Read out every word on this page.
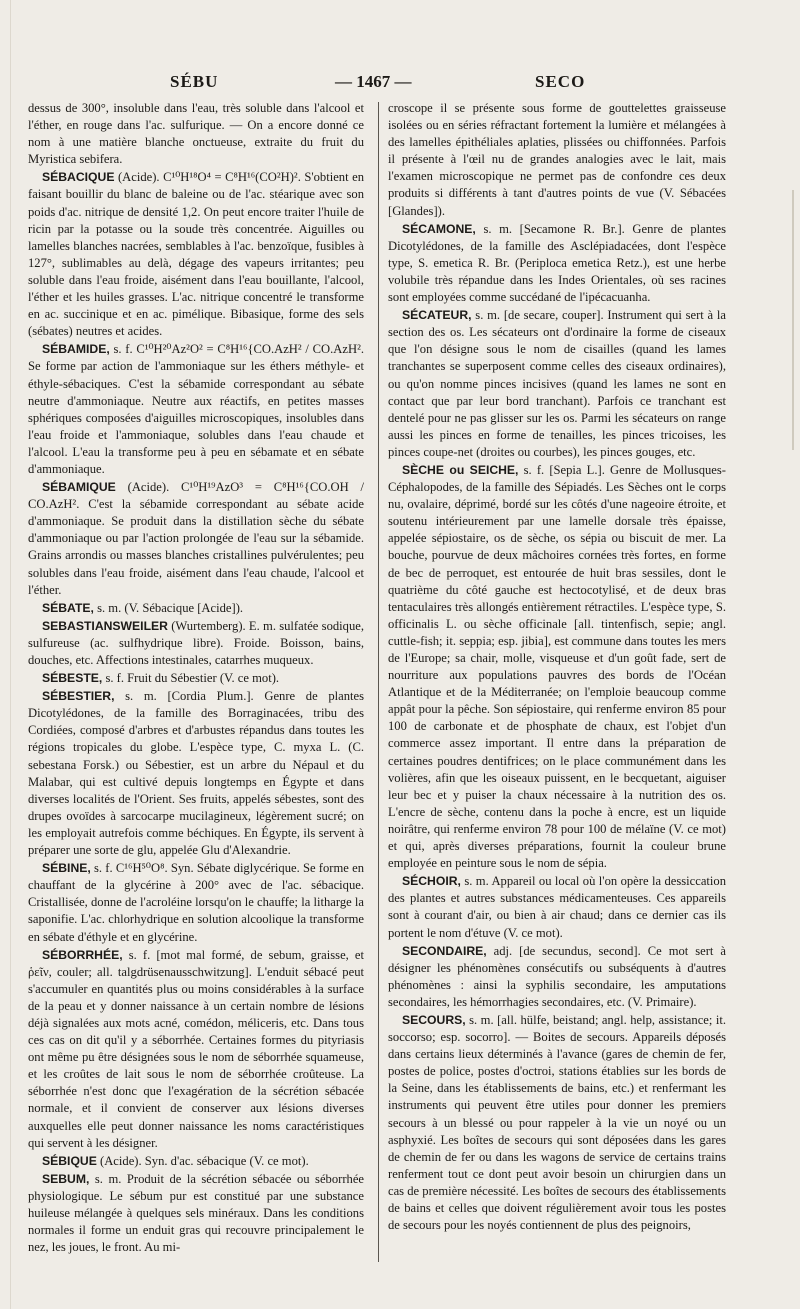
SÉBU	— 1467 —	SECO

dessus de 300°, insoluble dans l'eau, très soluble dans l'alcool et l'éther, en rouge dans l'ac. sulfurique. — On a encore donné ce nom à une matière blanche onctueuse, extraite du fruit du Myristica sebifera.

SÉBACIQUE (Acide). C¹⁰H¹⁸O⁴ = C⁸H¹⁶(CO²H)². S'obtient en faisant bouillir du blanc de baleine ou de l'ac. stéarique avec son poids d'ac. nitrique de densité 1,2. On peut encore traiter l'huile de ricin par la potasse ou la soude très concentrée. Aiguilles ou lamelles blanches nacrées, semblables à l'ac. benzoïque, fusibles à 127°, sublimables au delà, dégage des vapeurs irritantes; peu soluble dans l'eau froide, aisément dans l'eau bouillante, l'alcool, l'éther et les huiles grasses. L'ac. nitrique concentré le transforme en ac. succinique et en ac. pimélique. Bibasique, forme des sels (sébates) neutres et acides.

SÉBAMIDE, s. f. C¹⁰H²⁰Az²O² = C⁸H¹⁶{CO.AzH² / CO.AzH². Se forme par action de l'ammoniaque sur les éthers méthyle- et éthyle-sébaciques. C'est la sébamide correspondant au sébate neutre d'ammoniaque. Neutre aux réactifs, en petites masses sphériques composées d'aiguilles microscopiques, insolubles dans l'eau froide et l'ammoniaque, solubles dans l'eau chaude et l'alcool. L'eau la transforme peu à peu en sébamate et en sébate d'ammoniaque.

SÉBAMIQUE (Acide). C¹⁰H¹⁹AzO³ = C⁸H¹⁶{CO.OH / CO.AzH². C'est la sébamide correspondant au sébate acide d'ammoniaque. Se produit dans la distillation sèche du sébate d'ammoniaque ou par l'action prolongée de l'eau sur la sébamide. Grains arrondis ou masses blanches cristallines pulvérulentes; peu solubles dans l'eau froide, aisément dans l'eau chaude, l'alcool et l'éther.

SÉBATE, s. m. (V. Sébacique [Acide]).

SEBASTIANSWEILER (Wurtemberg). E. m. sulfatée sodique, sulfureuse (ac. sulfhydrique libre). Froide. Boisson, bains, douches, etc. Affections intestinales, catarrhes muqueux.

SÉBESTE, s. f. Fruit du Sébestier (V. ce mot).

SÉBESTIER, s. m. [Cordia Plum.]. Genre de plantes Dicotylédones, de la famille des Borraginacées, tribu des Cordiées, composé d'arbres et d'arbustes répandus dans toutes les régions tropicales du globe. L'espèce type, C. myxa L. (C. sebestana Forsk.) ou Sébestier, est un arbre du Népaul et du Malabar, qui est cultivé depuis longtemps en Égypte et dans diverses localités de l'Orient. Ses fruits, appelés sébestes, sont des drupes ovoïdes à sarcocarpe mucilagineux, légèrement sucré; on les employait autrefois comme béchiques. En Égypte, ils servent à préparer une sorte de glu, appelée Glu d'Alexandrie.

SÉBINE, s. f. C¹⁶H⁵⁰O⁸. Syn. Sébate diglycérique. Se forme en chauffant de la glycérine à 200° avec de l'ac. sébacique. Cristallisée, donne de l'acroléine lorsqu'on le chauffe; la litharge la saponifie. L'ac. chlorhydrique en solution alcoolique la transforme en sébate d'éthyle et en glycérine.

SÉBORRHÉE, s. f. [mot mal formé, de sebum, graisse, et ῥεῖν, couler; all. talgdrüsenausschwitzung]. L'enduit sébacé peut s'accumuler en quantités plus ou moins considérables à la surface de la peau et y donner naissance à un certain nombre de lésions déjà signalées aux mots acné, comédon, méliceris, etc. Dans tous ces cas on dit qu'il y a séborrhée. Certaines formes du pityriasis ont même pu être désignées sous le nom de séborrhée squameuse, et les croûtes de lait sous le nom de séborrhée croûteuse. La séborrhée n'est donc que l'exagération de la sécrétion sébacée normale, et il convient de conserver aux lésions diverses auxquelles elle peut donner naissance les noms caractéristiques qui servent à les désigner.

SÉBIQUE (Acide). Syn. d'ac. sébacique (V. ce mot).

SEBUM, s. m. Produit de la sécrétion sébacée ou séborrhée physiologique. Le sébum pur est constitué par une substance huileuse mélangée à quelques sels minéraux. Dans les conditions normales il forme un enduit gras qui recouvre principalement le nez, les joues, le front. Au mi-

croscope il se présente sous forme de gouttelettes graisseuse isolées ou en séries réfractant fortement la lumière et mélangées à des lamelles épithéliales aplaties, plissées ou chiffonnées. Parfois il présente à l'œil nu de grandes analogies avec le lait, mais l'examen microscopique ne permet pas de confondre ces deux produits si différents à tant d'autres points de vue (V. Sébacées [Glandes]).

SÉCAMONE, s. m. [Secamone R. Br.]. Genre de plantes Dicotylédones, de la famille des Asclépiadacées, dont l'espèce type, S. emetica R. Br. (Periploca emetica Retz.), est une herbe volubile très répandue dans les Indes Orientales, où ses racines sont employées comme succédané de l'ipécacuanha.

SÉCATEUR, s. m. [de secare, couper]. Instrument qui sert à la section des os. Les sécateurs ont d'ordinaire la forme de ciseaux que l'on désigne sous le nom de cisailles (quand les lames tranchantes se superposent comme celles des ciseaux ordinaires), ou qu'on nomme pinces incisives (quand les lames ne sont en contact que par leur bord tranchant). Parfois ce tranchant est dentelé pour ne pas glisser sur les os. Parmi les sécateurs on range aussi les pinces en forme de tenailles, les pinces tricoises, les pinces coupe-net (droites ou courbes), les pinces gouges, etc.

SÈCHE ou SEICHE, s. f. [Sepia L.]. Genre de Mollusques-Céphalopodes, de la famille des Sépiadés. Les Sèches ont le corps nu, ovalaire, déprimé, bordé sur les côtés d'une nageoire étroite, et soutenu intérieurement par une lamelle dorsale très épaisse, appelée sépiostaire, os de sèche, os sépia ou biscuit de mer. La bouche, pourvue de deux mâchoires cornées très fortes, en forme de bec de perroquet, est entourée de huit bras sessiles, dont le quatrième du côté gauche est hectocotylisé, et de deux bras tentaculaires très allongés entièrement rétractiles. L'espèce type, S. officinalis L. ou sèche officinale [all. tintenfisch, sepie; angl. cuttle-fish; it. seppia; esp. jibia], est commune dans toutes les mers de l'Europe; sa chair, molle, visqueuse et d'un goût fade, sert de nourriture aux populations pauvres des bords de l'Océan Atlantique et de la Méditerranée; on l'emploie beaucoup comme appât pour la pêche. Son sépiostaire, qui renferme environ 85 pour 100 de carbonate et de phosphate de chaux, est l'objet d'un commerce assez important. Il entre dans la préparation de certaines poudres dentifrices; on le place communément dans les volières, afin que les oiseaux puissent, en le becquetant, aiguiser leur bec et y puiser la chaux nécessaire à la nutrition des os. L'encre de sèche, contenu dans la poche à encre, est un liquide noirâtre, qui renferme environ 78 pour 100 de mélaïne (V. ce mot) et qui, après diverses préparations, fournit la couleur brune employée en peinture sous le nom de sépia.

SÉCHOIR, s. m. Appareil ou local où l'on opère la dessiccation des plantes et autres substances médicamenteuses. Ces appareils sont à courant d'air, ou bien à air chaud; dans ce dernier cas ils portent le nom d'étuve (V. ce mot).

SECONDAIRE, adj. [de secundus, second]. Ce mot sert à désigner les phénomènes consécutifs ou subséquents à d'autres phénomènes : ainsi la syphilis secondaire, les amputations secondaires, les hémorrhagies secondaires, etc. (V. Primaire).

SECOURS, s. m. [all. hülfe, beistand; angl. help, assistance; it. soccorso; esp. socorro]. — Boites de secours. Appareils déposés dans certains lieux déterminés à l'avance (gares de chemin de fer, postes de police, postes d'octroi, stations établies sur les bords de la Seine, dans les établissements de bains, etc.) et renfermant les instruments qui peuvent être utiles pour donner les premiers secours à un blessé ou pour rappeler à la vie un noyé ou un asphyxié. Les boîtes de secours qui sont déposées dans les gares de chemin de fer ou dans les wagons de service de certains trains renferment tout ce dont peut avoir besoin un chirurgien dans un cas de première nécessité. Les boîtes de secours des établissements de bains et celles que doivent régulièrement avoir tous les postes de secours pour les noyés contiennent de plus des peignoirs,
